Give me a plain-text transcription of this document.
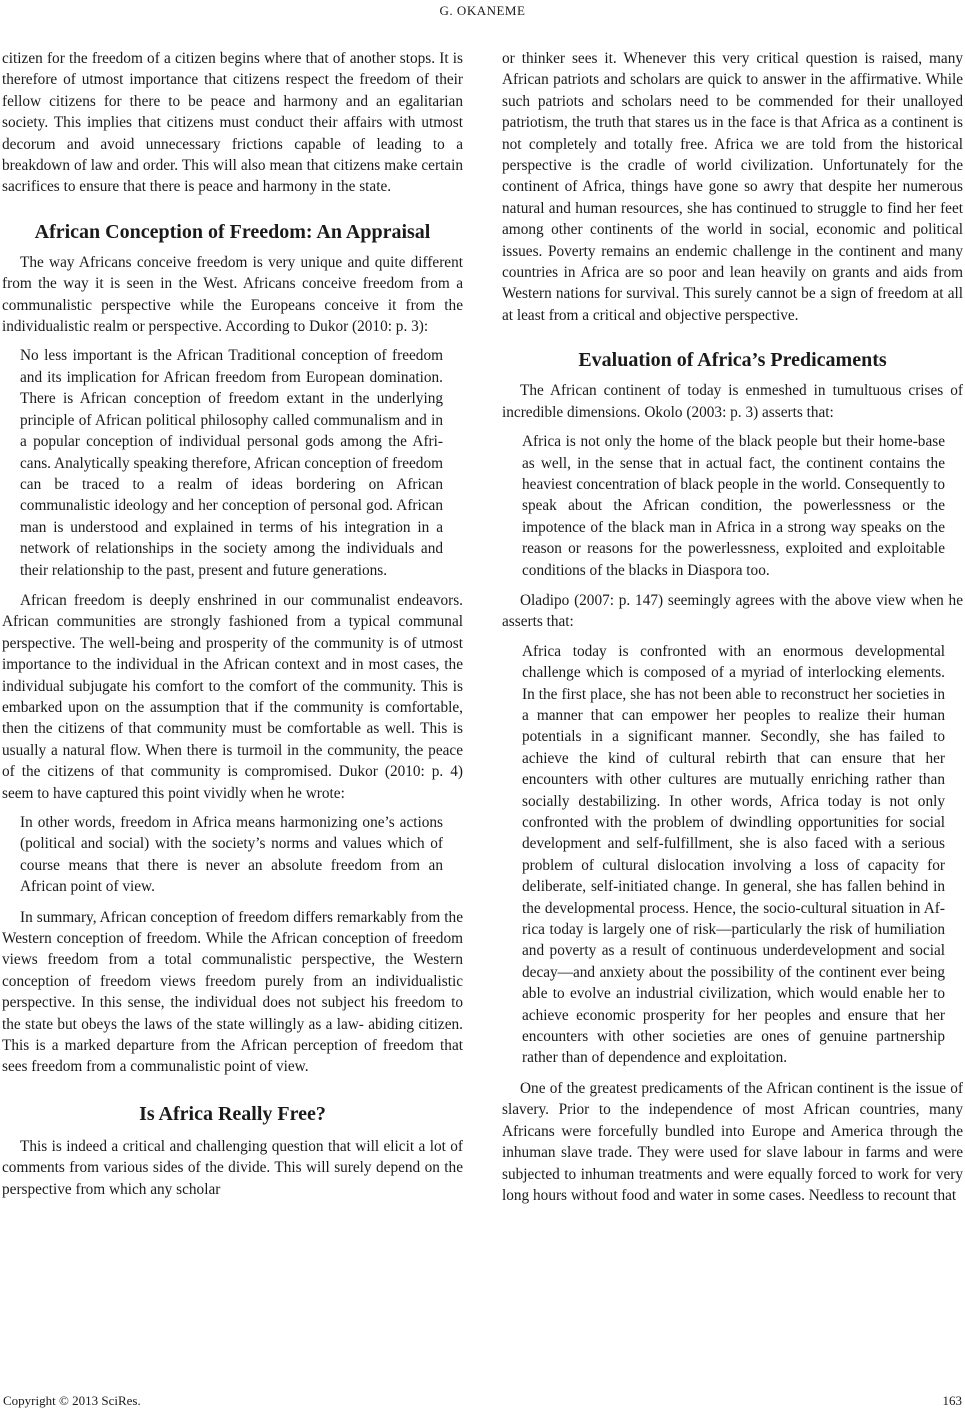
G. OKANEME

citizen for the freedom of a citizen begins where that of another stops. It is therefore of utmost importance that citizens respect the freedom of their fellow citizens for there to be peace and harmony and an egalitarian society. This implies that citizens must conduct their affairs with utmost decorum and avoid unnecessary frictions capable of leading to a breakdown of law and order. This will also mean that citizens make certain sacrifices to ensure that there is peace and harmony in the state.

African Conception of Freedom: An Appraisal

The way Africans conceive freedom is very unique and quite different from the way it is seen in the West. Africans conceive freedom from a communalistic perspective while the Europeans conceive it from the individualistic realm or perspective. According to Dukor (2010: p. 3):

No less important is the African Traditional conception of freedom and its implication for African freedom from European domination. There is African conception of freedom extant in the underlying principle of African political philosophy called communalism and in a popular conception of individual personal gods among the Africans. Analytically speaking therefore, African conception of freedom can be traced to a realm of ideas bordering on African communalistic ideology and her conception of personal god. African man is understood and explained in terms of his integration in a network of relationships in the society among the individuals and their relationship to the past, present and future generations.

African freedom is deeply enshrined in our communalist endeavors. African communities are strongly fashioned from a typical communal perspective. The well-being and prosperity of the community is of utmost importance to the individual in the African context and in most cases, the individual subjugate his comfort to the comfort of the community. This is embarked upon on the assumption that if the community is comfortable, then the citizens of that community must be comfortable as well. This is usually a natural flow. When there is turmoil in the community, the peace of the citizens of that community is compromised. Dukor (2010: p. 4) seem to have captured this point vividly when he wrote:

In other words, freedom in Africa means harmonizing one’s actions (political and social) with the society’s norms and values which of course means that there is never an absolute freedom from an African point of view.

In summary, African conception of freedom differs remarkably from the Western conception of freedom. While the African conception of freedom views freedom from a total communalistic perspective, the Western conception of freedom views freedom purely from an individualistic perspective. In this sense, the individual does not subject his freedom to the state but obeys the laws of the state willingly as a law- abiding citizen. This is a marked departure from the African perception of freedom that sees freedom from a communalistic point of view.

Is Africa Really Free?

This is indeed a critical and challenging question that will elicit a lot of comments from various sides of the divide. This will surely depend on the perspective from which any scholar

or thinker sees it. Whenever this very critical question is raised, many African patriots and scholars are quick to answer in the affirmative. While such patriots and scholars need to be commended for their unalloyed patriotism, the truth that stares us in the face is that Africa as a continent is not completely and totally free. Africa we are told from the historical perspective is the cradle of world civilization. Unfortunately for the continent of Africa, things have gone so awry that despite her numerous natural and human resources, she has continued to struggle to find her feet among other continents of the world in social, economic and political issues. Poverty remains an endemic challenge in the continent and many countries in Africa are so poor and lean heavily on grants and aids from Western nations for survival. This surely cannot be a sign of freedom at all at least from a critical and objective perspective.

Evaluation of Africa’s Predicaments

The African continent of today is enmeshed in tumultuous crises of incredible dimensions. Okolo (2003: p. 3) asserts that:

Africa is not only the home of the black people but their home-base as well, in the sense that in actual fact, the continent contains the heaviest concentration of black people in the world. Consequently to speak about the African condition, the powerlessness or the impotence of the black man in Africa in a strong way speaks on the reason or reasons for the powerlessness, exploited and exploitable conditions of the blacks in Diaspora too.

Oladipo (2007: p. 147) seemingly agrees with the above view when he asserts that:

Africa today is confronted with an enormous developmental challenge which is composed of a myriad of interlocking elements. In the first place, she has not been able to reconstruct her societies in a manner that can empower her peoples to realize their human potentials in a significant manner. Secondly, she has failed to achieve the kind of cultural rebirth that can ensure that her encounters with other cultures are mutually enriching rather than socially destabilizing. In other words, Africa today is not only confronted with the problem of dwindling opportunities for social development and self-fulfillment, she is also faced with a serious problem of cultural dislocation involving a loss of capacity for deliberate, self-initiated change. In general, she has fallen behind in the developmental process. Hence, the socio-cultural situation in Africa today is largely one of risk—particularly the risk of humiliation and poverty as a result of continuous underdevelopment and social decay—and anxiety about the possibility of the continent ever being able to evolve an industrial civilization, which would enable her to achieve economic prosperity for her peoples and ensure that her encounters with other societies are ones of genuine partnership rather than of dependence and exploitation.

One of the greatest predicaments of the African continent is the issue of slavery. Prior to the independence of most African countries, many Africans were forcefully bundled into Europe and America through the inhuman slave trade. They were used for slave labour in farms and were subjected to inhuman treatments and were equally forced to work for very long hours without food and water in some cases. Needless to recount that

Copyright © 2013 SciRes.	163
